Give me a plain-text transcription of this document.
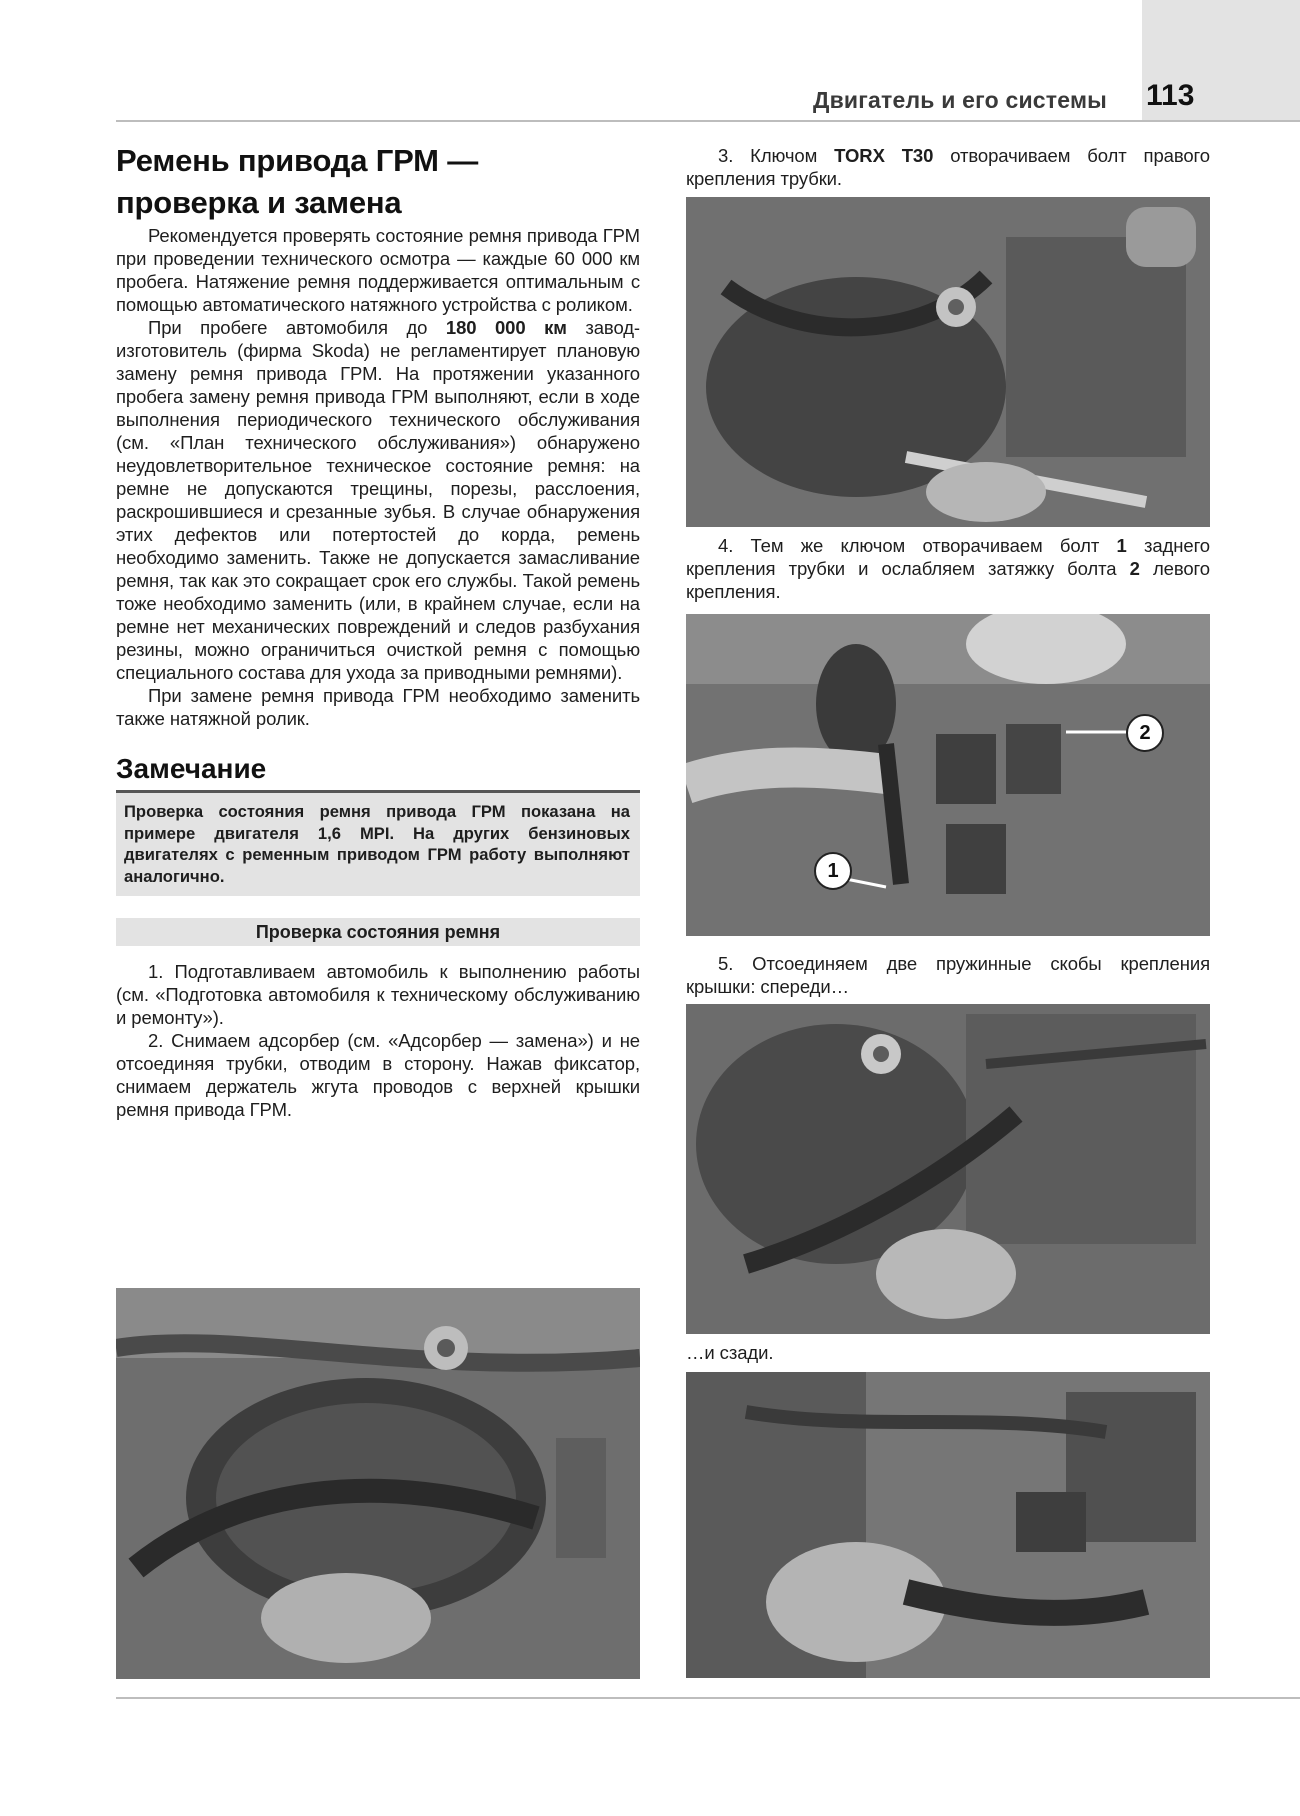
Двигатель и его системы 113
Ремень привода ГРМ —
проверка и замена

Рекомендуется проверять состояние ремня привода ГРМ при проведении технического осмотра — каждые 60 000 км пробега. Натяжение ремня поддерживается оптимальным с помощью автоматического натяжного устройства с роликом.

При пробеге автомобиля до 180 000 км завод-изготовитель (фирма Skoda) не регламентирует плановую замену ремня привода ГРМ. На протяжении указанного пробега замену ремня привода ГРМ выполняют, если в ходе выполнения периодического технического обслуживания (см. «План технического обслуживания») обнаружено неудовлетворительное техническое состояние ремня: на ремне не допускаются трещины, порезы, расслоения, раскрошившиеся и срезанные зубья. В случае обнаружения этих дефектов или потертостей до корда, ремень необходимо заменить. Также не допускается замасливание ремня, так как это сокращает срок его службы. Такой ремень тоже необходимо заменить (или, в крайнем случае, если на ремне нет механических повреждений и следов разбухания резины, можно ограничиться очисткой ремня с помощью специального состава для ухода за приводными ремнями).

При замене ремня привода ГРМ необходимо заменить также натяжной ролик.

Замечание
Проверка состояния ремня привода ГРМ показана на примере двигателя 1,6 MPI. На других бензиновых двигателях с ременным приводом ГРМ работу выполняют аналогично.
Проверка состояния ремня

1. Подготавливаем автомобиль к выполнению работы (см. «Подготовка автомобиля к техническому обслуживанию и ремонту»).

2. Снимаем адсорбер (см. «Адсорбер — замена») и не отсоединяя трубки, отводим в сторону. Нажав фиксатор, снимаем держатель жгута проводов с верхней крышки ремня привода ГРМ.

3. Ключом TORX T30 отворачиваем болт правого крепления трубки.

4. Тем же ключом отворачиваем болт 1 заднего крепления трубки и ослабляем затяжку болта 2 левого крепления.

1
2

5. Отсоединяем две пружинные скобы крепления крышки: спереди…

…и сзади.
